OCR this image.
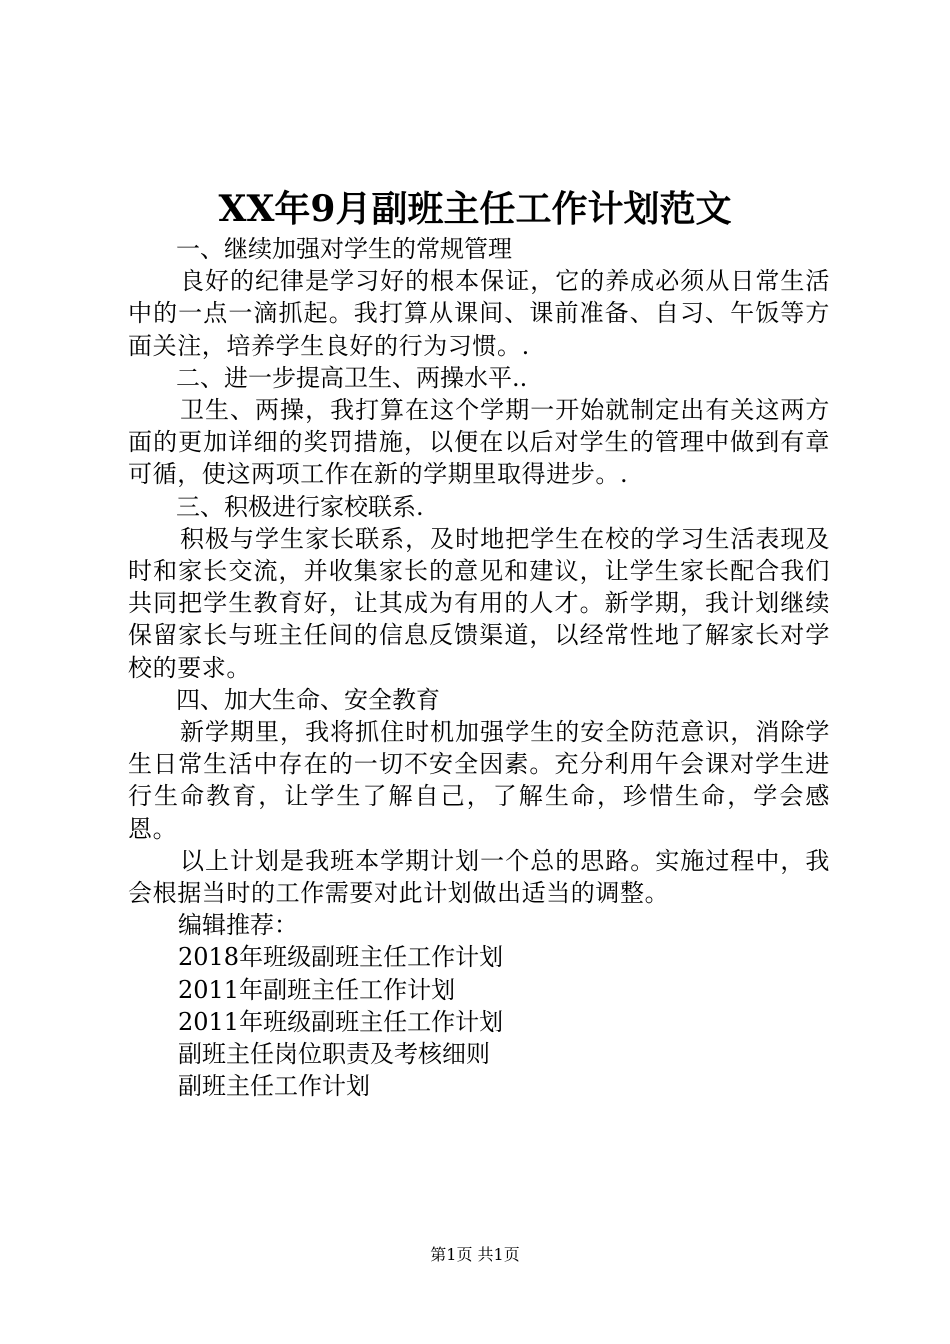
XX年9月副班主任工作计划范文

一、继续加强对学生的常规管理

良好的纪律是学习好的根本保证，它的养成必须从日常生活中的一点一滴抓起。我打算从课间、课前准备、自习、午饭等方面关注，培养学生良好的行为习惯。.

二、进一步提高卫生、两操水平..

卫生、两操，我打算在这个学期一开始就制定出有关这两方面的更加详细的奖罚措施，以便在以后对学生的管理中做到有章可循，使这两项工作在新的学期里取得进步。.

三、积极进行家校联系.

积极与学生家长联系，及时地把学生在校的学习生活表现及时和家长交流，并收集家长的意见和建议，让学生家长配合我们共同把学生教育好，让其成为有用的人才。新学期，我计划继续保留家长与班主任间的信息反馈渠道，以经常性地了解家长对学校的要求。

四、加大生命、安全教育

新学期里，我将抓住时机加强学生的安全防范意识，消除学生日常生活中存在的一切不安全因素。充分利用午会课对学生进行生命教育，让学生了解自己，了解生命，珍惜生命，学会感恩。

以上计划是我班本学期计划一个总的思路。实施过程中，我会根据当时的工作需要对此计划做出适当的调整。

编辑推荐：

2018年班级副班主任工作计划
2011年副班主任工作计划
2011年班级副班主任工作计划
副班主任岗位职责及考核细则
副班主任工作计划
第1页 共1页
